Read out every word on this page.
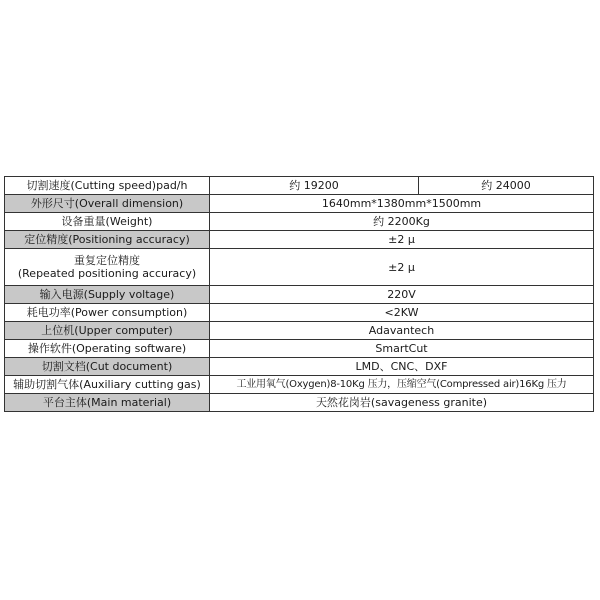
切割速度(Cutting speed)pad/h	约 19200	约 24000
外形尺寸(Overall dimension)	1640mm*1380mm*1500mm	
设备重量(Weight)	约 2200Kg	
定位精度(Positioning accuracy)	±2 μ	

重复定位精度
(Repeated positioning accuracy)	±2 μ	
输入电源(Supply voltage)	220V	
耗电功率(Power consumption)	<2KW	
上位机(Upper computer)	Adavantech	
操作软件(Operating software)	SmartCut	
切割文档(Cut document)	LMD、CNC、DXF	
辅助切割气体(Auxiliary cutting gas)	工业用氧气(Oxygen)8-10Kg 压力，压缩空气(Compressed air)16Kg 压力	
平台主体(Main material)	天然花岗岩(savageness granite)	
